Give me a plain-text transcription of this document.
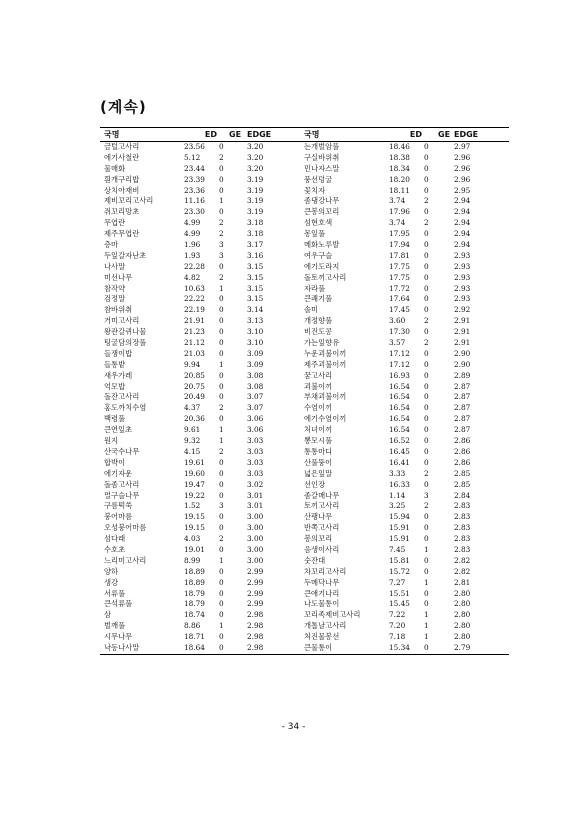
(계속)
국명	ED	GE EDGE	국명	ED	GE EDGE
금털고사리	23.56	0	3.20	는개벌암풀	18.46	0	2.97
에기사철란	5.12	2	3.20	구실바위취	18.38	0	2.96
물매화	23.44	0	3.20	민나자스말	18.34	0	2.96
흰개구리밥	23.39	0	3.19	풍선덩굴	18.20	0	2.96
상치아재비	23.36	0	3.19	꽃치자	18.11	0	2.95
제비꼬리고사리	11.16	1	3.19	좀댕강나무	3.74	2	2.94
쥐꼬리망초	23.30	0	3.19	큰봉의꼬리	17.96	0	2.94
무엽란	4.99	2	3.18	섬현호색	3.74	2	2.94
제주무엽란	4.99	2	3.18	몽잎풀	17.95	0	2.94
층마	1.96	3	3.17	메화노루발	17.94	0	2.94
두잎갈자난초	1.93	3	3.16	여우구슬	17.81	0	2.93
나사말	22.28	0	3.15	에기도라지	17.75	0	2.93
미선나무	4.82	2	3.15	돌토끼고사리	17.75	0	2.93
참작약	10.63	1	3.15	자라풀	17.72	0	2.93
검정말	22.22	0	3.15	큰쾌기풀	17.64	0	2.93
참바위취	22.19	0	3.14	솔미	17.45	0	2.92
거미고사리	21.91	0	3.13	개정향풀	3.60	2	2.91
왕관갈퀴나물	21.23	0	3.10	비진도콩	17.30	0	2.91
팅굴담의장풀	21.12	0	3.10	가는잎향유	3.57	2	2.91
들쟁이밥	21.03	0	3.09	누운괴불이끼	17.12	0	2.90
들통밭	9.94	1	3.09	제주괴불이끼	17.12	0	2.90
새우가레	20.85	0	3.08	꿈고사리	16.93	0	2.89
억모밥	20.75	0	3.08	괴불이끼	16.54	0	2.87
돌잔고사리	20.49	0	3.07	부채괴불이끼	16.54	0	2.87
홍도까치수염	4.37	2	3.07	수염이끼	16.54	0	2.87
백령풀	20.36	0	3.06	에기수염이끼	16.54	0	2.87
큰연잎초	9.61	1	3.06	처녀이끼	16.54	0	2.87
원지	9.32	1	3.03	뽕모시풀	16.52	0	2.86
산국수나무	4.15	2	3.03	통통마디	16.45	0	2.86
합박이	19.61	0	3.03	산풀뚱이	16.41	0	2.86
에기자운	19.60	0	3.03	넓은잎말	3.33	2	2.85
돌좀고사리	19.47	0	3.02	선인장	16.33	0	2.85
멀구슬나무	19.22	0	3.01	좀갈매나무	1.14	3	2.84
구름떡쑥	1.52	3	3.01	토끼고사리	3.25	2	2.83
붕어마름	19.15	0	3.00	산팽나무	15.94	0	2.83
오성붕어마름	19.15	0	3.00	반쪽고사리	15.91	0	2.83
섬다래	4.03	2	3.00	봉의꼬리	15.91	0	2.83
수호초	19.01	0	3.00	음생이사리	7.45	1	2.83
느리미고사리	8.99	1	3.00	숫잔대	15.81	0	2.82
양하	18.89	0	2.99	차꼬리고사리	15.72	0	2.82
생강	18.89	0	2.99	두메닥나무	7.27	1	2.81
서류풀	18.79	0	2.99	큰애기나리	15.51	0	2.80
큰석류풀	18.79	0	2.99	나도물통이	15.45	0	2.80
삼	18.74	0	2.98	꼬리족제비고사리	7.22	1	2.80
벌깨풀	8.86	1	2.98	개톱날고사리	7.20	1	2.80
시무나무	18.71	0	2.98	처진물봉선	7.18	1	2.80
낙동나사말	18.64	0	2.98	큰물통이	15.34	0	2.79
- 34 -
